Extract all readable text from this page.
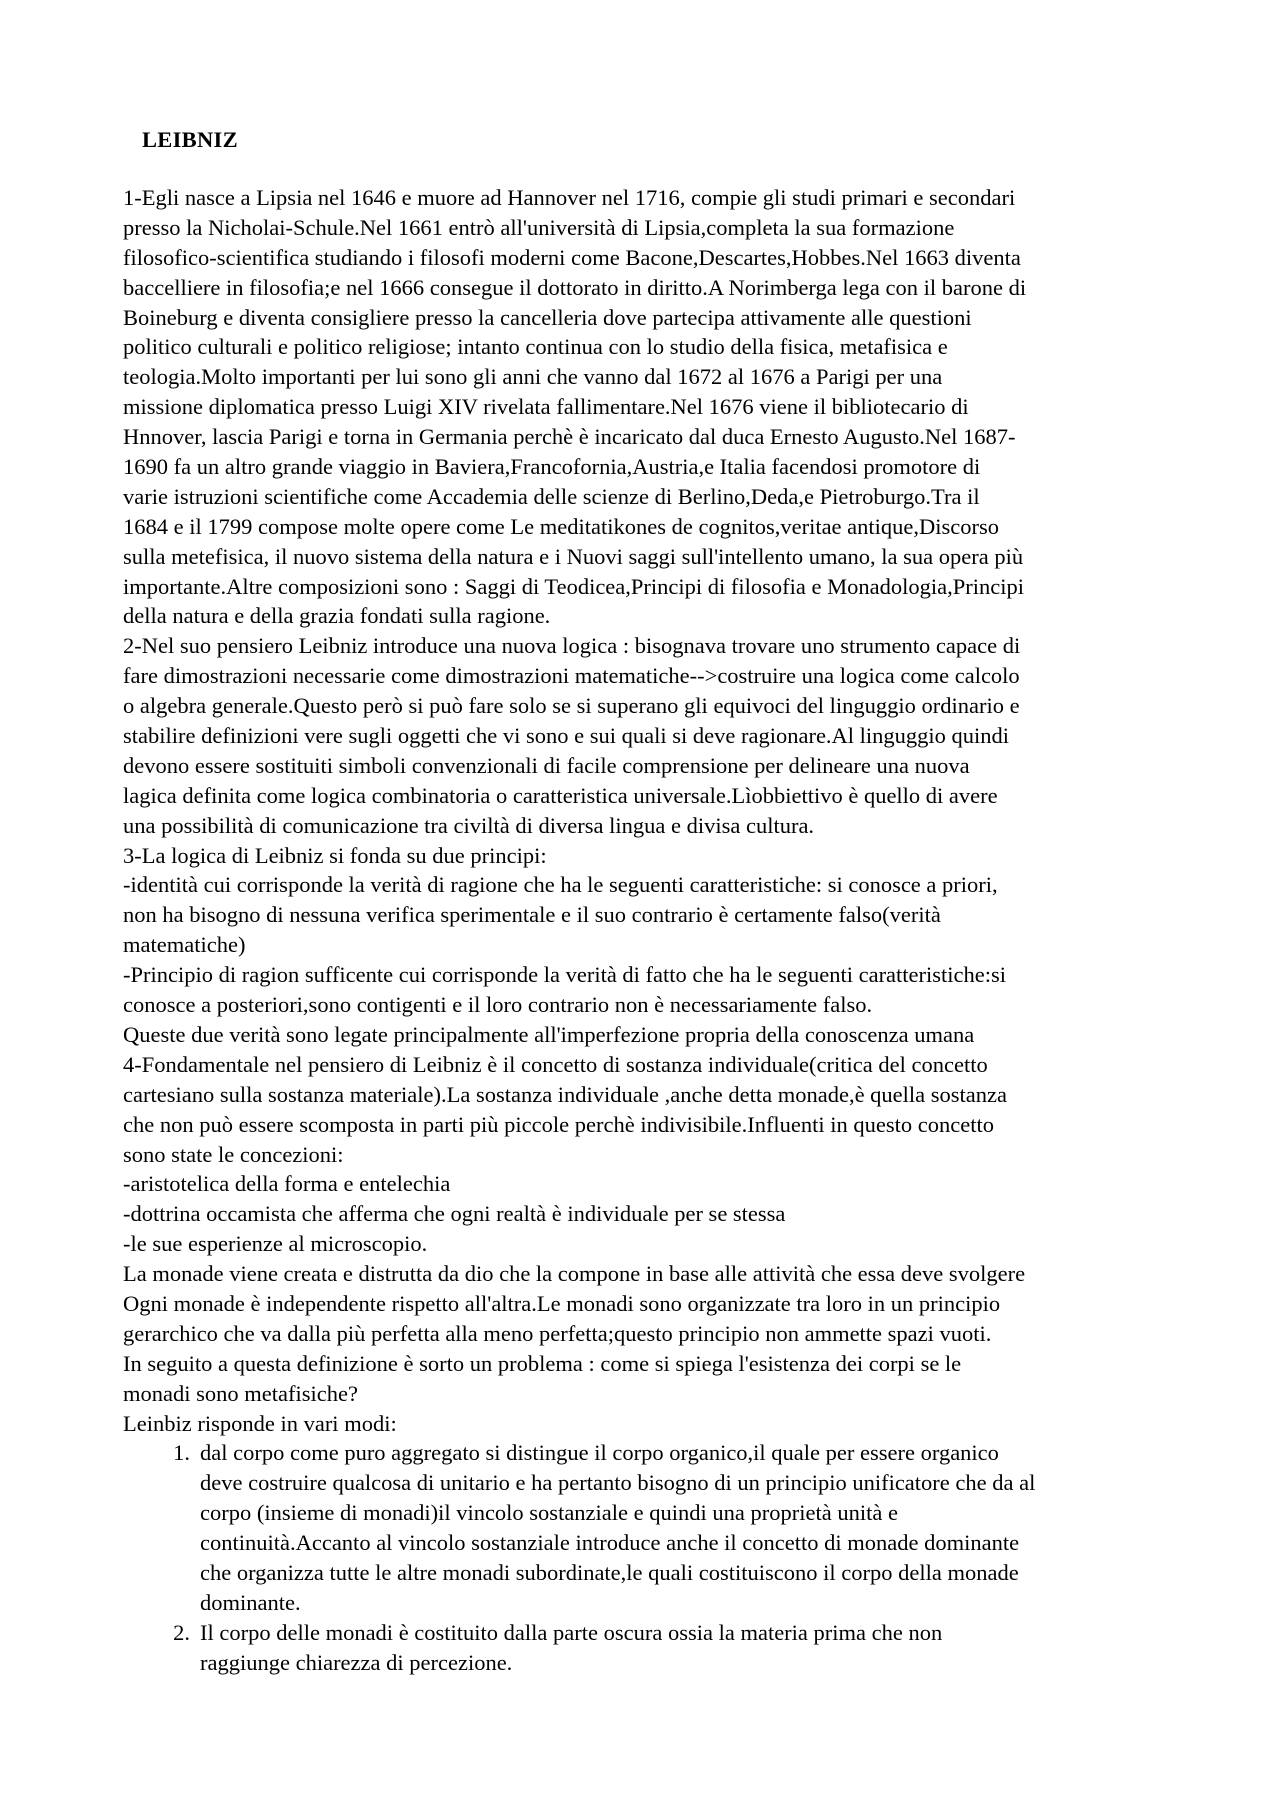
LEIBNIZ
1-Egli nasce a Lipsia nel 1646 e muore ad Hannover nel 1716, compie gli studi primari e secondari
presso la Nicholai-Schule.Nel 1661 entrò all'università di Lipsia,completa la sua formazione
filosofico-scientifica studiando i filosofi moderni come Bacone,Descartes,Hobbes.Nel 1663 diventa
baccelliere in filosofia;e nel 1666 consegue il dottorato in diritto.A Norimberga lega con il barone di
Boineburg e diventa consigliere presso la cancelleria dove partecipa attivamente alle questioni
politico culturali e politico religiose; intanto continua con lo studio della fisica, metafisica e
teologia.Molto importanti per lui sono gli anni che vanno dal 1672 al 1676 a Parigi per una
missione diplomatica presso Luigi XIV rivelata fallimentare.Nel 1676 viene il bibliotecario di
Hnnover, lascia Parigi e torna in Germania perchè è incaricato dal duca Ernesto Augusto.Nel 1687-
1690 fa un altro grande viaggio in Baviera,Francofornia,Austria,e Italia facendosi promotore di
varie istruzioni scientifiche come Accademia delle scienze di Berlino,Deda,e Pietroburgo.Tra il
1684 e il 1799 compose molte opere come Le meditatikones de cognitos,veritae antique,Discorso
sulla metefisica, il nuovo sistema della natura e i Nuovi saggi sull'intellento umano, la sua opera più
importante.Altre composizioni sono : Saggi di Teodicea,Principi di filosofia e Monadologia,Principi
della natura e della grazia fondati sulla ragione.
2-Nel suo pensiero Leibniz introduce una nuova logica : bisognava trovare uno strumento capace di
fare dimostrazioni necessarie come dimostrazioni matematiche-->costruire una logica come calcolo
o algebra generale.Questo però si può fare solo se si superano gli equivoci del linguggio ordinario e
stabilire definizioni vere sugli oggetti che vi sono e sui quali si deve ragionare.Al linguggio quindi
devono essere sostituiti simboli convenzionali di facile comprensione per delineare una nuova
lagica definita come logica combinatoria o caratteristica universale.Lìobbiettivo è quello di avere
una possibilità di comunicazione tra civiltà di diversa lingua e divisa cultura.
3-La logica di Leibniz si fonda su due principi:
-identità cui corrisponde la verità di ragione che ha le seguenti caratteristiche: si conosce a priori,
non ha bisogno di nessuna verifica sperimentale e il suo contrario è certamente falso(verità
matematiche)
-Principio di ragion sufficente cui corrisponde la verità di fatto che ha le seguenti caratteristiche:si
conosce a posteriori,sono contigenti e il loro contrario non è necessariamente falso.
Queste due verità sono legate principalmente all'imperfezione propria della conoscenza umana
4-Fondamentale nel pensiero di Leibniz è il concetto di sostanza individuale(critica del concetto
cartesiano sulla sostanza materiale).La sostanza individuale ,anche detta monade,è quella sostanza
che non può essere scomposta in parti più piccole perchè indivisibile.Influenti in questo concetto
sono state le concezioni:
-aristotelica della forma e entelechia
-dottrina occamista che afferma che ogni realtà è individuale per se stessa
-le sue esperienze al microscopio.
La monade viene creata e distrutta da dio che la compone in base alle attività che essa deve svolgere
Ogni monade è independente rispetto all'altra.Le monadi sono organizzate tra loro in un principio
gerarchico che va dalla più perfetta alla meno perfetta;questo principio non ammette spazi vuoti.
In seguito a questa definizione è sorto un problema : come si spiega l'esistenza dei corpi se le
monadi sono metafisiche?
Leinbiz risponde in vari modi:
1. dal corpo come puro aggregato si distingue il corpo organico,il quale per essere organico
deve costruire qualcosa di unitario e ha pertanto bisogno di un principio unificatore che da al
corpo (insieme di monadi)il vincolo sostanziale e quindi una proprietà unità e
continuità.Accanto al vincolo sostanziale introduce anche il concetto di monade dominante
che organizza tutte le altre monadi subordinate,le quali costituiscono il corpo della monade
dominante.
2. Il corpo delle monadi è costituito dalla parte oscura ossia la materia prima che non
raggiunge chiarezza di percezione.
